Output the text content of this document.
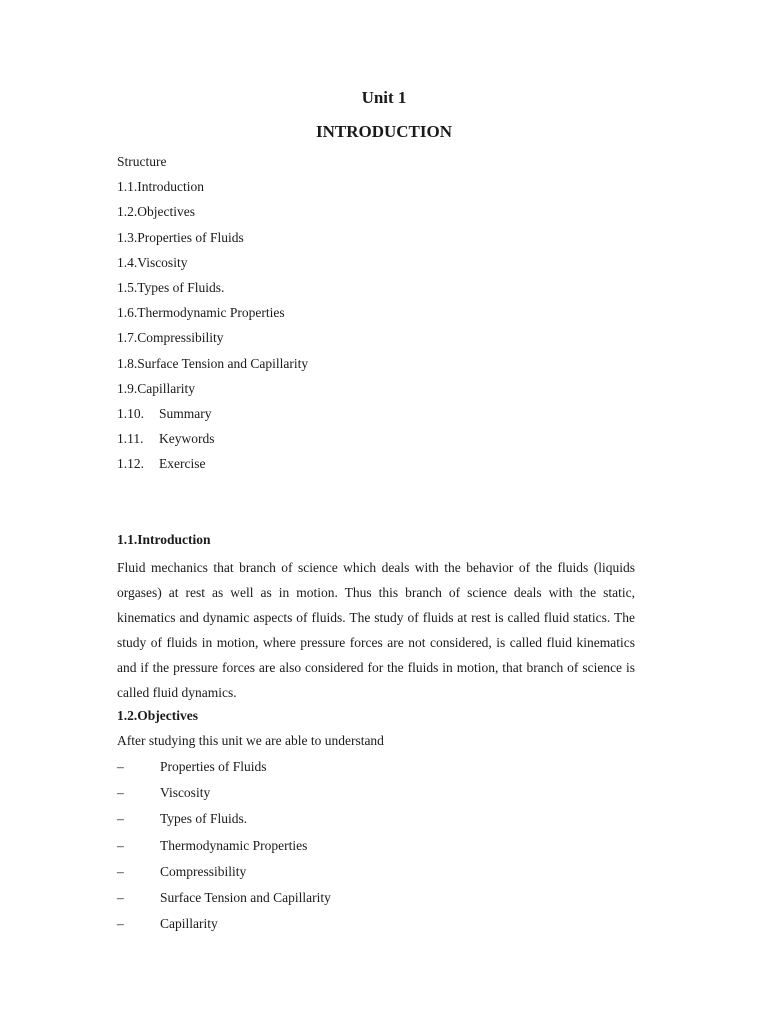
Unit 1
INTRODUCTION
Structure
1.1.Introduction
1.2.Objectives
1.3.Properties of Fluids
1.4.Viscosity
1.5.Types of Fluids.
1.6.Thermodynamic Properties
1.7.Compressibility
1.8.Surface Tension and Capillarity
1.9.Capillarity
1.10. Summary
1.11. Keywords
1.12. Exercise
1.1.Introduction

Fluid mechanics that branch of science which deals with the behavior of the fluids (liquids orgases) at rest as well as in motion. Thus this branch of science deals with the static, kinematics and dynamic aspects of fluids. The study of fluids at rest is called fluid statics. The study of fluids in motion, where pressure forces are not considered, is called fluid kinematics and if the pressure forces are also considered for the fluids in motion, that branch of science is called fluid dynamics.

1.2.Objectives
After studying this unit we are able to understand
–	Properties of Fluids
–	Viscosity
–	Types of Fluids.
–	Thermodynamic Properties
–	Compressibility
–	Surface Tension and Capillarity
–	Capillarity
